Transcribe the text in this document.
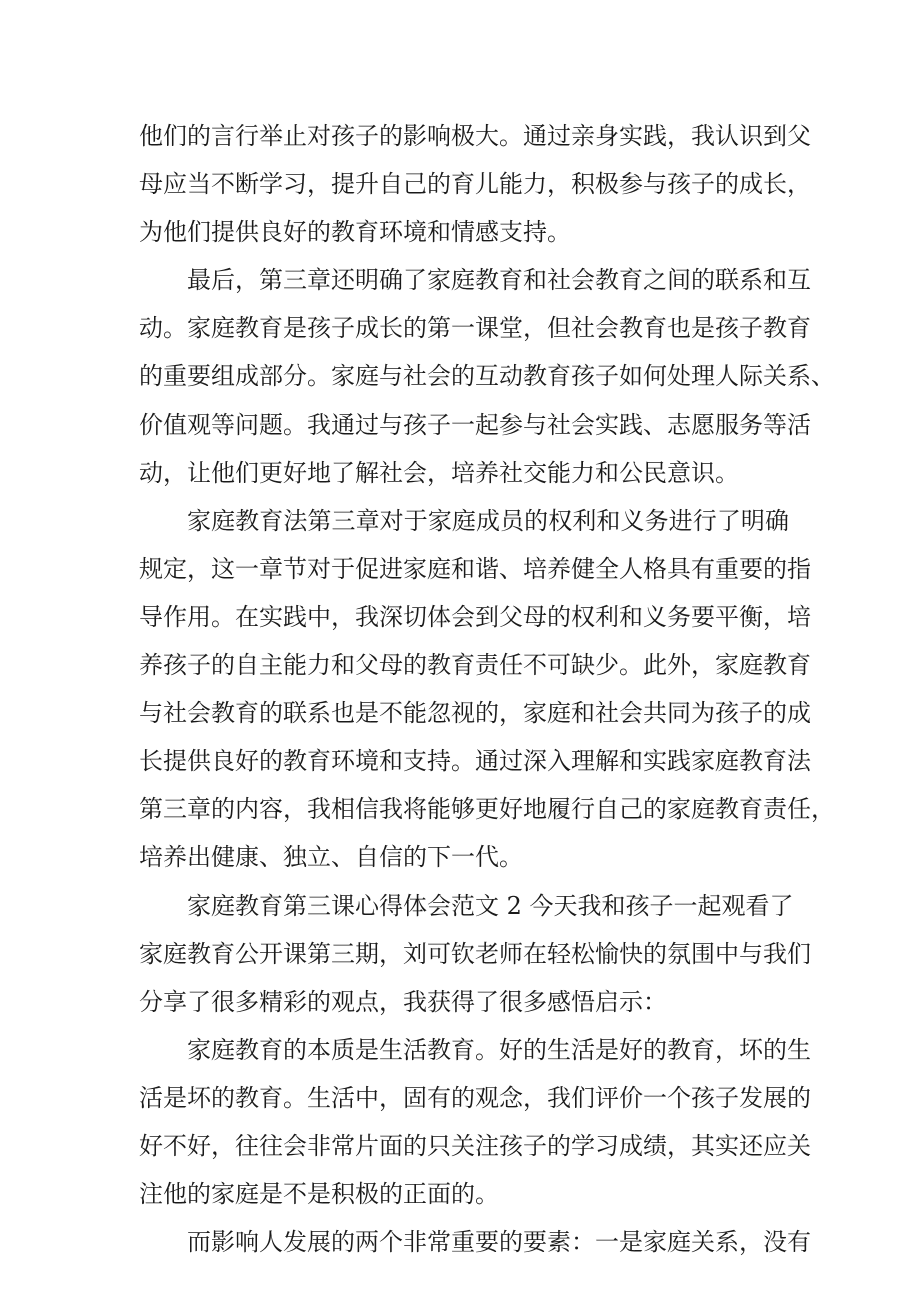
他们的言行举止对孩子的影响极大。通过亲身实践，我认识到父
母应当不断学习，提升自己的育儿能力，积极参与孩子的成长，
为他们提供良好的教育环境和情感支持。
最后，第三章还明确了家庭教育和社会教育之间的联系和互
动。家庭教育是孩子成长的第一课堂，但社会教育也是孩子教育
的重要组成部分。家庭与社会的互动教育孩子如何处理人际关系、
价值观等问题。我通过与孩子一起参与社会实践、志愿服务等活
动，让他们更好地了解社会，培养社交能力和公民意识。
家庭教育法第三章对于家庭成员的权利和义务进行了明确
规定，这一章节对于促进家庭和谐、培养健全人格具有重要的指
导作用。在实践中，我深切体会到父母的权利和义务要平衡，培
养孩子的自主能力和父母的教育责任不可缺少。此外，家庭教育
与社会教育的联系也是不能忽视的，家庭和社会共同为孩子的成
长提供良好的教育环境和支持。通过深入理解和实践家庭教育法
第三章的内容，我相信我将能够更好地履行自己的家庭教育责任，
培养出健康、独立、自信的下一代。
家庭教育第三课心得体会范文 2 今天我和孩子一起观看了
家庭教育公开课第三期，刘可钦老师在轻松愉快的氛围中与我们
分享了很多精彩的观点，我获得了很多感悟启示：
家庭教育的本质是生活教育。好的生活是好的教育，坏的生
活是坏的教育。生活中，固有的观念，我们评价一个孩子发展的
好不好，往往会非常片面的只关注孩子的学习成绩，其实还应关
注他的家庭是不是积极的正面的。
而影响人发展的两个非常重要的要素：一是家庭关系，没有
